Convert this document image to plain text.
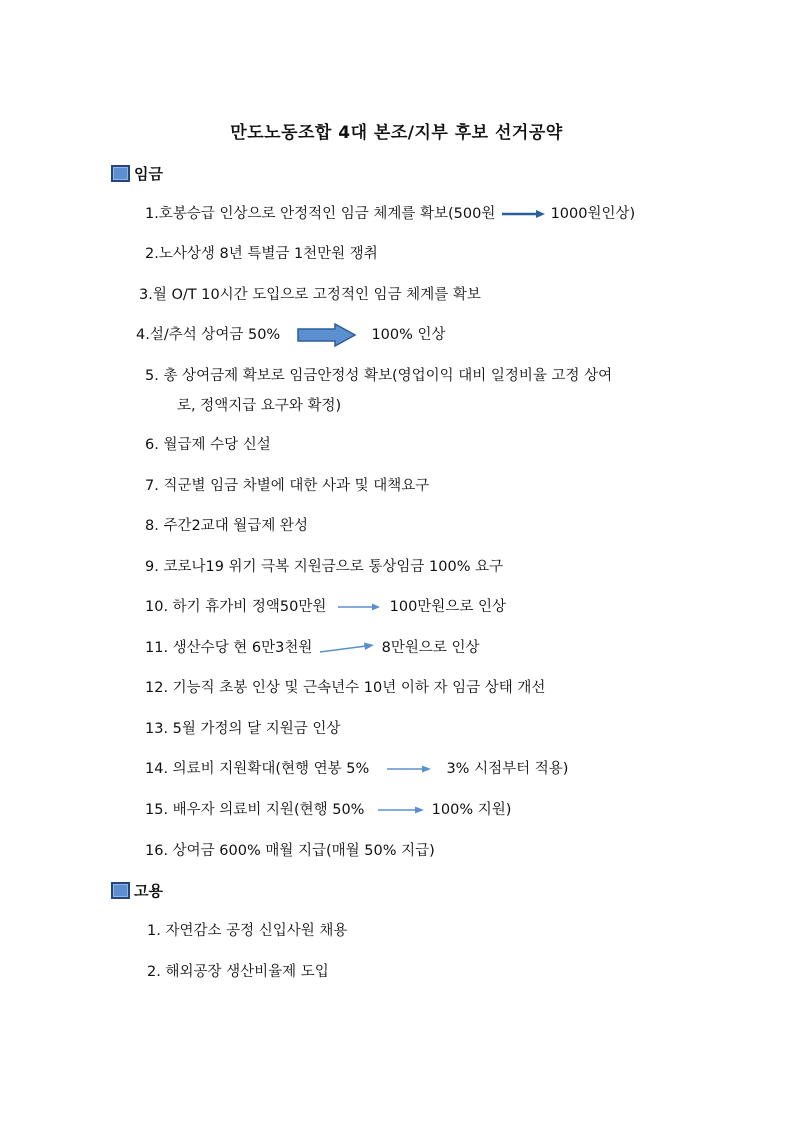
만도노동조합 4대 본조/지부 후보 선거공약
임금
1.호봉승급 인상으로 안정적인 임금 체계를 확보(500원	1000원인상)
2.노사상생 8년 특별금 1천만원 쟁취
3.월 O/T 10시간 도입으로 고정적인 임금 체계를 확보
4.설/추석 상여금 50%	100% 인상
5. 총 상여금제 확보로 임금안정성 확보(영업이익 대비 일정비율 고정 상여
로, 정액지급 요구와 확정)
6. 월급제 수당 신설
7. 직군별 임금 차별에 대한 사과 및 대책요구
8. 주간2교대 월급제 완성
9. 코로나19 위기 극복 지원금으로 통상임금 100% 요구
10. 하기 휴가비 정액50만원	100만원으로 인상
11. 생산수당 현 6만3천원	8만원으로 인상
12. 기능직 초봉 인상 및 근속년수 10년 이하 자 임금 상태 개선
13. 5월 가정의 달 지원금 인상
14. 의료비 지원확대(현행 연봉 5%	3% 시점부터 적용)
15. 배우자 의료비 지원(현행 50%	100% 지원)
16. 상여금 600% 매월 지급(매월 50% 지급)
고용
1. 자연감소 공정 신입사원 채용
2. 해외공장 생산비율제 도입
